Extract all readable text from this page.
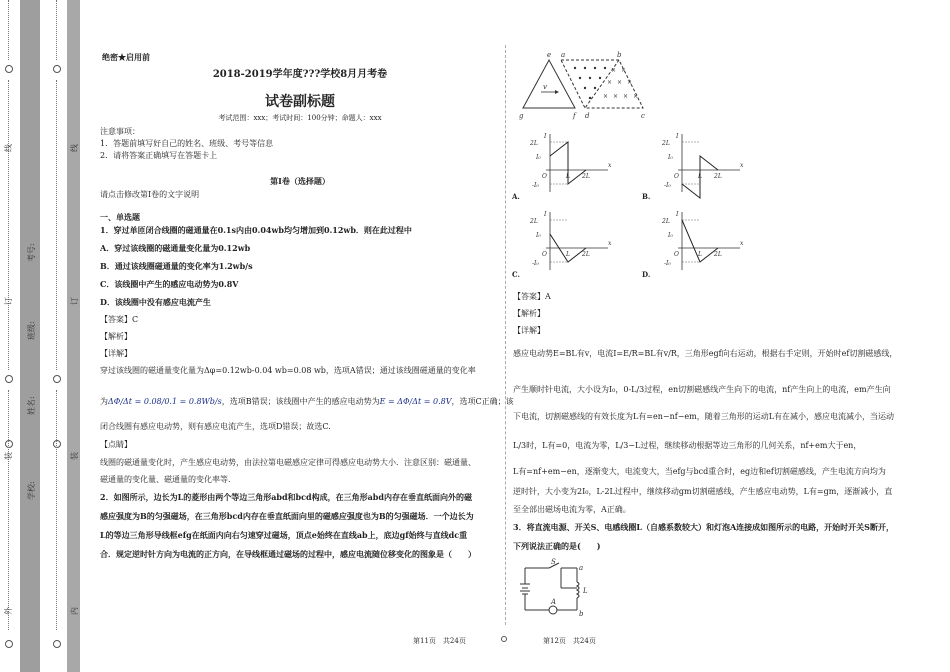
外
装
订
线
内
装
订
线
学校:
姓名:
班级:
考号:
绝密★启用前
2018-2019学年度???学校8月月考卷
试卷副标题
考试范围：xxx；考试时间：100分钟；命题人：xxx
注意事项：
1．答题前填写好自己的姓名、班级、考号等信息
2．请将答案正确填写在答题卡上
第I卷（选择题）
请点击修改第I卷的文字说明
一、单选题
1．穿过单匝闭合线圈的磁通量在0.1s内由0.04wb均匀增加到0.12wb．则在此过程中
A．穿过该线圈的磁通量变化量为0.12wb
B．通过该线圈磁通量的变化率为1.2wb/s
C．该线圈中产生的感应电动势为0.8V
D．该线圈中没有感应电流产生
【答案】C
【解析】
【详解】
穿过该线圈的磁通量变化量为Δφ=0.12wb-0.04 wb=0.08 wb，选项A错误；通过该线圈磁通量的变化率
为ΔΦ/Δt = 0.08/0.1 = 0.8Wb/s，选项B错误；该线圈中产生的感应电动势为E = ΔΦ/Δt = 0.8V，选项C正确；该
闭合线圈有感应电动势，则有感应电流产生，选项D错误；故选C.
【点睛】
线圈的磁通量变化时，产生感应电动势，由法拉第电磁感应定律可得感应电动势大小．注意区别：磁通量、
磁通量的变化量、磁通量的变化率等.
2．如图所示，边长为L的菱形由两个等边三角形abd和bcd构成，在三角形abd内存在垂直纸面向外的磁
感应强度为B的匀强磁场，在三角形bcd内存在垂直纸面向里的磁感应强度也为B的匀强磁场．一个边长为
L的等边三角形导线框efg在纸面内向右匀速穿过磁场，顶点e始终在直线ab上，底边gf始终与直线dc重
合．规定逆时针方向为电流的正方向，在导线框通过磁场的过程中，感应电流随位移变化的图象是（　　）
× ×
× × ×
× × × ×
e a	b
g	f d	c
v
A.	B.
C.	D.
I
x
2L
I₀
-I₀
O	L 2L
I
x
2L
I₀
-I₀
O	L 2L
I
x
2L
I₀
-I₀
O	L 2L
I
x
2L
I₀
-I₀
O	L 2L
【答案】A
【解析】
【详解】
感应电动势E=BL有v，电流I=E/R=BL有v/R，三角形egf向右运动，根据右手定则，开始时ef切割磁感线，
产生顺时针电流，大小设为I₀，0-L/3过程，en切割磁感线产生向下的电流，nf产生向上的电流，em产生向
下电流，切割磁感线的有效长度为L有=en−nf−em，随着三角形的运动L有在减小，感应电流减小，当运动
L/3时，L有=0，电流为零，L/3−L过程，继续移动根据等边三角形的几何关系，nf+em大于en，
L有=nf+em−en，逐渐变大，电流变大，当efg与bcd重合时，eg边和ef切割磁感线，产生电流方向均为
逆时针，大小变为2I₀，L-2L过程中，继续移动gm切割磁感线，产生感应电动势，L有=gm，逐渐减小，直
至全部出磁场电流为零，A正确。
3．将直流电源、开关S、电感线圈L（自感系数较大）和灯泡A连接成如图所示的电路，开始时开关S断开，
下列说法正确的是(　　)
S
a
L
b
A
第11页　共24页	第12页　共24页
